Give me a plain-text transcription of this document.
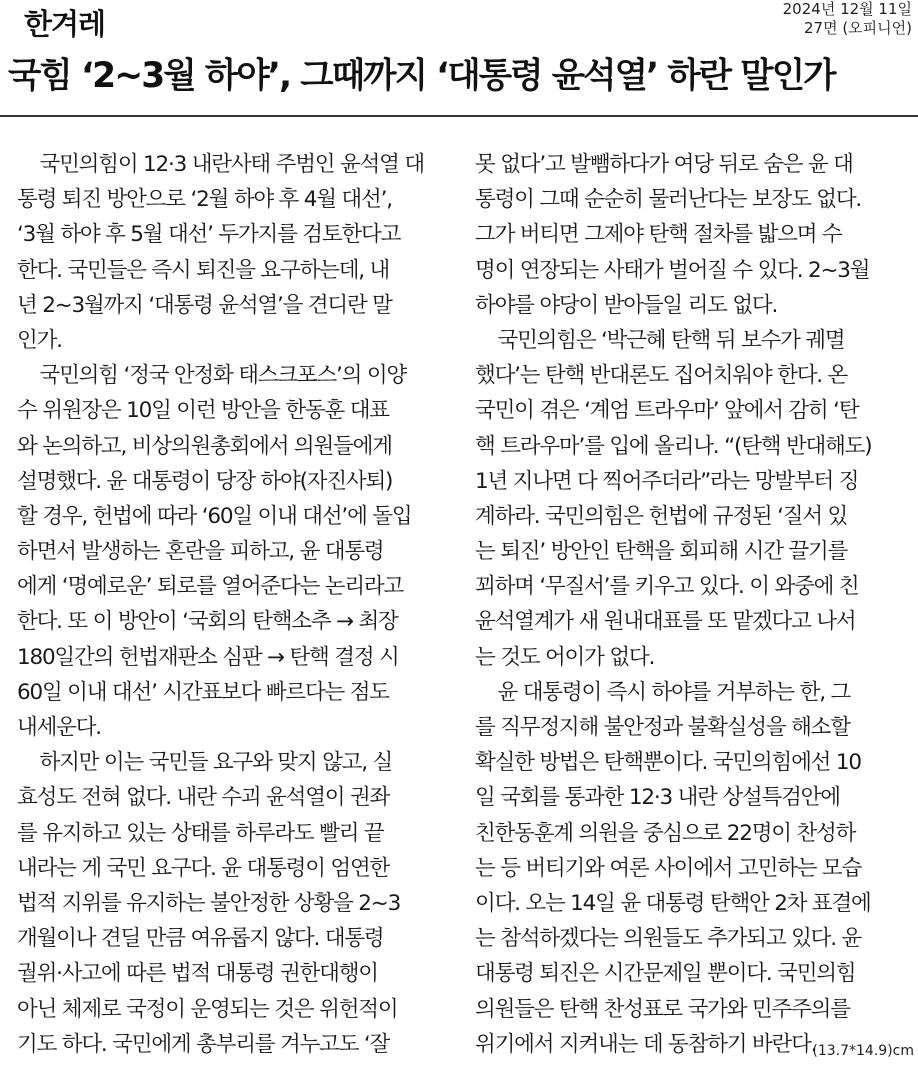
한겨레	2024년 12월 11일
27면 (오피니언)
국힘 ‘2~3월 하야’, 그때까지 ‘대통령 윤석열’ 하란 말인가
국민의힘이 12·3 내란사태 주범인 윤석열 대
통령 퇴진 방안으로 ‘2월 하야 후 4월 대선’,
‘3월 하야 후 5월 대선’ 두가지를 검토한다고
한다. 국민들은 즉시 퇴진을 요구하는데, 내
년 2~3월까지 ‘대통령 윤석열’을 견디란 말
인가.
국민의힘 ‘정국 안정화 태스크포스’의 이양
수 위원장은 10일 이런 방안을 한동훈 대표
와 논의하고, 비상의원총회에서 의원들에게
설명했다. 윤 대통령이 당장 하야(자진사퇴)
할 경우, 헌법에 따라 ‘60일 이내 대선’에 돌입
하면서 발생하는 혼란을 피하고, 윤 대통령
에게 ‘명예로운’ 퇴로를 열어준다는 논리라고
한다. 또 이 방안이 ‘국회의 탄핵소추 → 최장
180일간의 헌법재판소 심판 → 탄핵 결정 시
60일 이내 대선’ 시간표보다 빠르다는 점도
내세운다.
하지만 이는 국민들 요구와 맞지 않고, 실
효성도 전혀 없다. 내란 수괴 윤석열이 권좌
를 유지하고 있는 상태를 하루라도 빨리 끝
내라는 게 국민 요구다. 윤 대통령이 엄연한
법적 지위를 유지하는 불안정한 상황을 2~3
개월이나 견딜 만큼 여유롭지 않다. 대통령
궐위·사고에 따른 법적 대통령 권한대행이
아닌 체제로 국정이 운영되는 것은 위헌적이
기도 하다. 국민에게 총부리를 겨누고도 ‘잘
못 없다’고 발뺌하다가 여당 뒤로 숨은 윤 대
통령이 그때 순순히 물러난다는 보장도 없다.
그가 버티면 그제야 탄핵 절차를 밟으며 수
명이 연장되는 사태가 벌어질 수 있다. 2~3월
하야를 야당이 받아들일 리도 없다.
국민의힘은 ‘박근혜 탄핵 뒤 보수가 궤멸
했다’는 탄핵 반대론도 집어치워야 한다. 온
국민이 겪은 ‘계엄 트라우마’ 앞에서 감히 ‘탄
핵 트라우마’를 입에 올리나. “(탄핵 반대해도)
1년 지나면 다 찍어주더라”라는 망발부터 징
계하라. 국민의힘은 헌법에 규정된 ‘질서 있
는 퇴진’ 방안인 탄핵을 회피해 시간 끌기를
꾀하며 ‘무질서’를 키우고 있다. 이 와중에 친
윤석열계가 새 원내대표를 또 맡겠다고 나서
는 것도 어이가 없다.
윤 대통령이 즉시 하야를 거부하는 한, 그
를 직무정지해 불안정과 불확실성을 해소할
확실한 방법은 탄핵뿐이다. 국민의힘에선 10
일 국회를 통과한 12·3 내란 상설특검안에
친한동훈계 의원을 중심으로 22명이 찬성하
는 등 버티기와 여론 사이에서 고민하는 모습
이다. 오는 14일 윤 대통령 탄핵안 2차 표결에
는 참석하겠다는 의원들도 추가되고 있다. 윤
대통령 퇴진은 시간문제일 뿐이다. 국민의힘
의원들은 탄핵 찬성표로 국가와 민주주의를
위기에서 지켜내는 데 동참하기 바란다.
(13.7*14.9)cm
